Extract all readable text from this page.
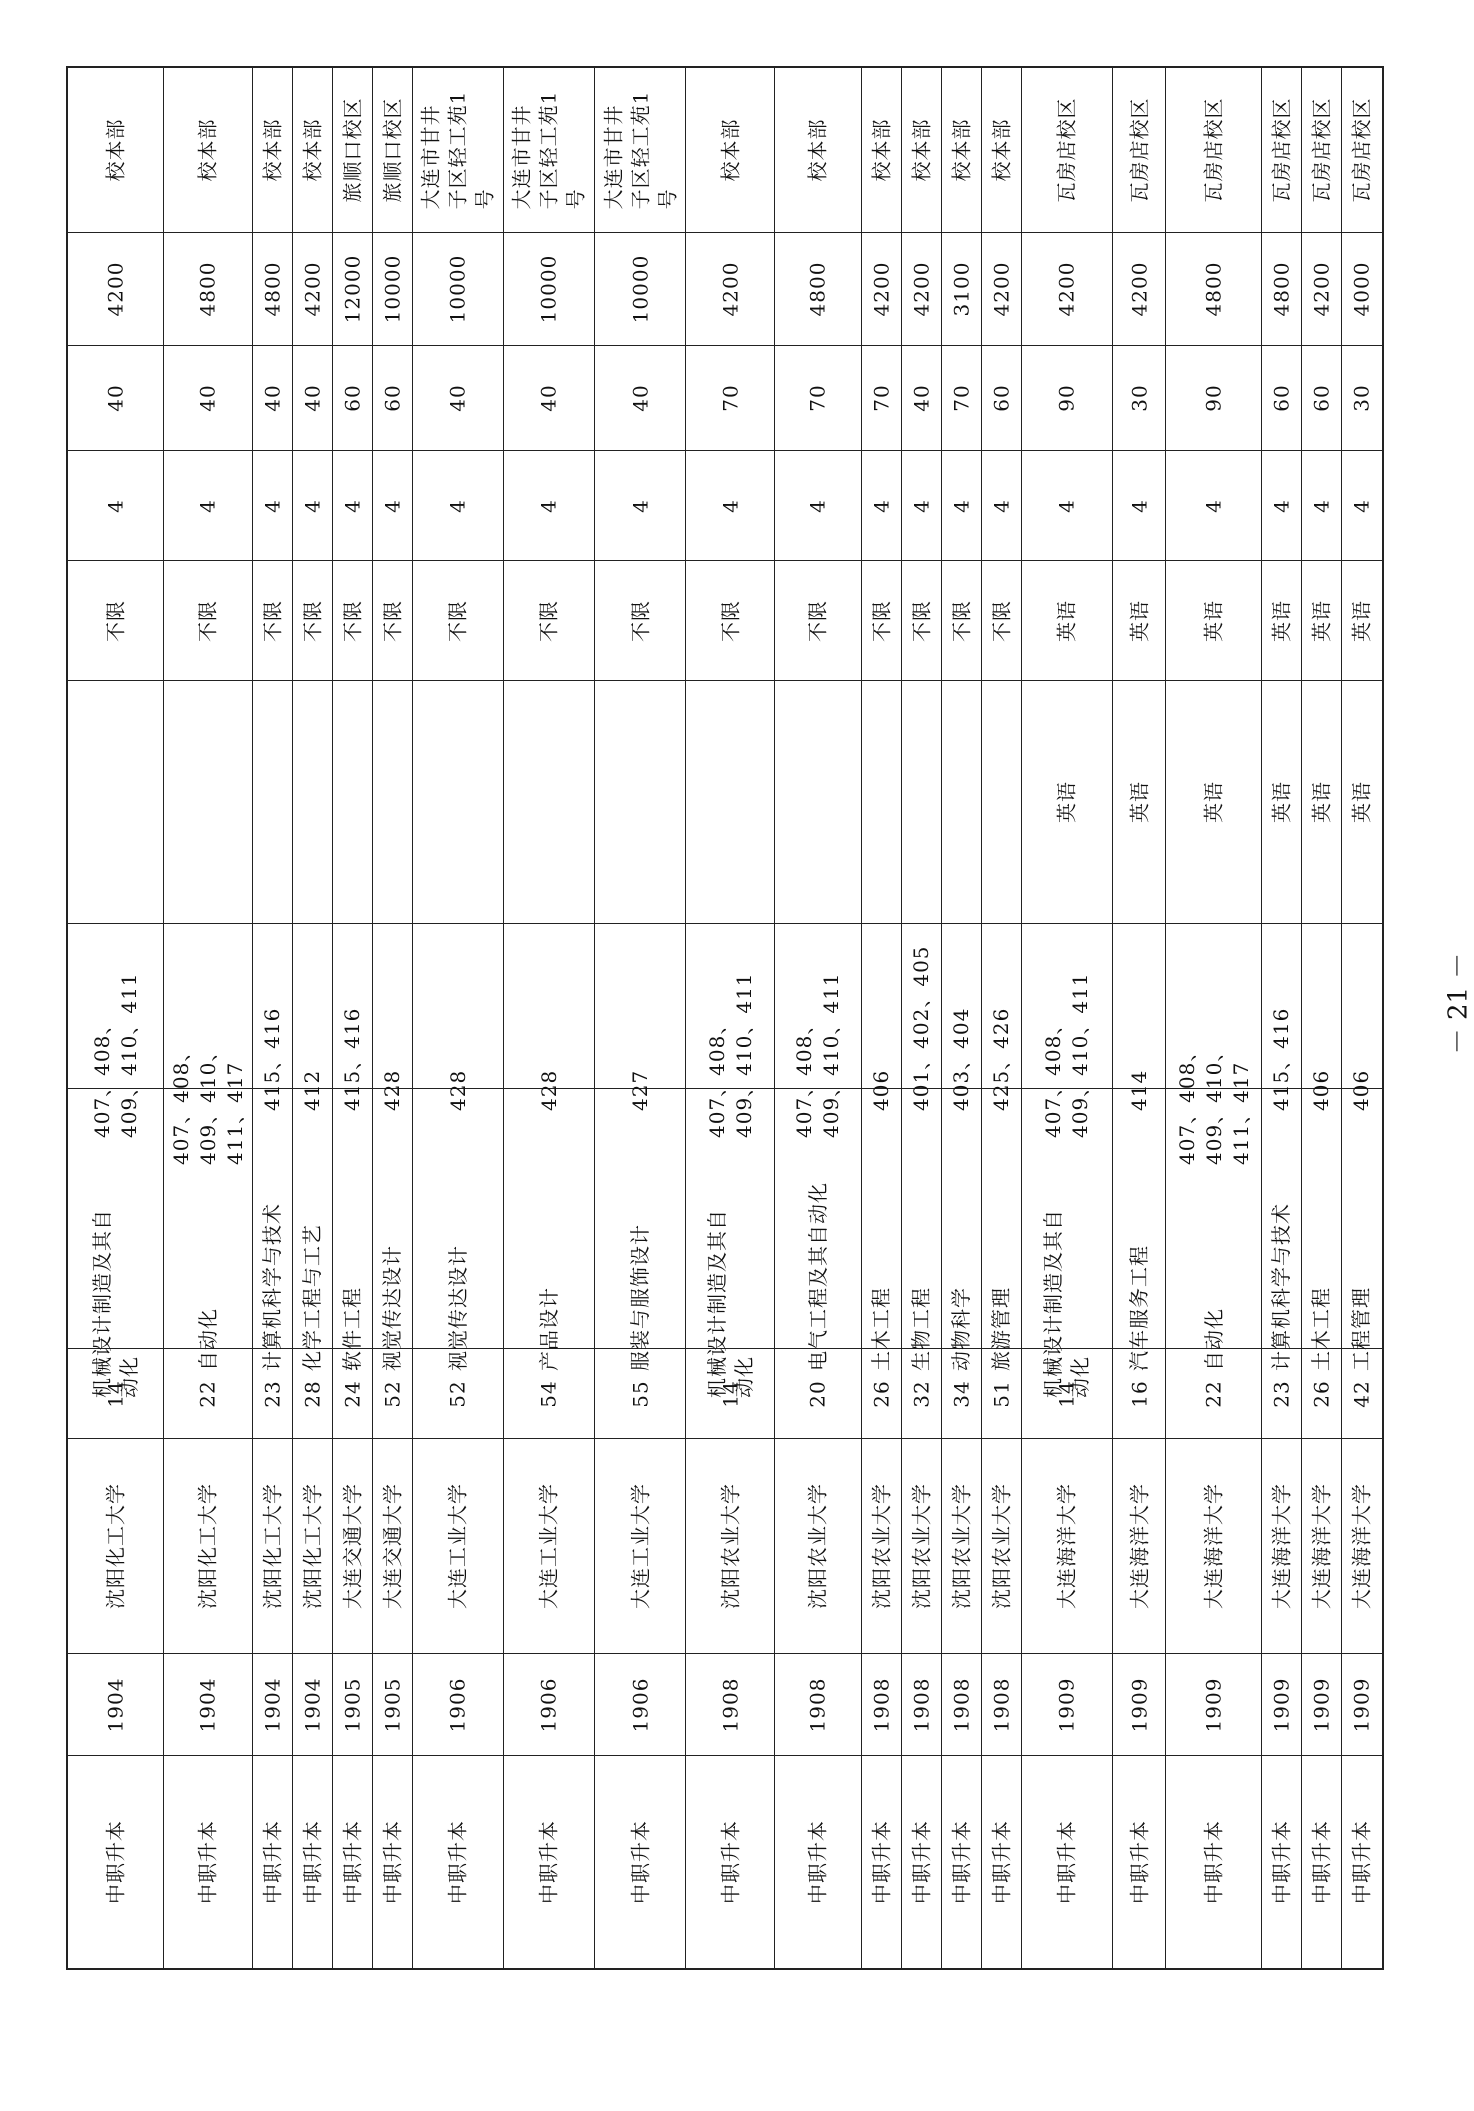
校本部
4200
40
4
不限
407、408、 409、410、411
机械设计制造及其自 动化
14
沈阳化工大学
1904
中职升本
校本部
4800
40
4
不限
407、408、 409、410、 411、417
自动化
22
沈阳化工大学
1904
中职升本
校本部
4800
40
4
不限
415、416
计算机科学与技术
23
沈阳化工大学
1904
中职升本
校本部
4200
40
4
不限
412
化学工程与工艺
28
沈阳化工大学
1904
中职升本
旅顺口校区
12000
60
4
不限
415、416
软件工程
24
大连交通大学
1905
中职升本
旅顺口校区
10000
60
4
不限
428
视觉传达设计
52
大连交通大学
1905
中职升本
大连市甘井 子区轻工苑1 号
10000
40
4
不限
428
视觉传达设计
52
大连工业大学
1906
中职升本
大连市甘井 子区轻工苑1 号
10000
40
4
不限
428
产品设计
54
大连工业大学
1906
中职升本
大连市甘井 子区轻工苑1 号
10000
40
4
不限
427
服装与服饰设计
55
大连工业大学
1906
中职升本
校本部
4200
70
4
不限
407、408、 409、410、411
机械设计制造及其自 动化
14
沈阳农业大学
1908
中职升本
校本部
4800
70
4
不限
407、408、 409、410、411
电气工程及其自动化
20
沈阳农业大学
1908
中职升本
校本部
4200
70
4
不限
406
土木工程
26
沈阳农业大学
1908
中职升本
校本部
4200
40
4
不限
401、402、405
生物工程
32
沈阳农业大学
1908
中职升本
校本部
3100
70
4
不限
403、404
动物科学
34
沈阳农业大学
1908
中职升本
校本部
4200
60
4
不限
425、426
旅游管理
51
沈阳农业大学
1908
中职升本
瓦房店校区
4200
90
4
英语
英语
407、408、 409、410、411
机械设计制造及其自 动化
14
大连海洋大学
1909
中职升本
瓦房店校区
4200
30
4
英语
英语
414
汽车服务工程
16
大连海洋大学
1909
中职升本
瓦房店校区
4800
90
4
英语
英语
407、408、 409、410、 411、417
自动化
22
大连海洋大学
1909
中职升本
瓦房店校区
4800
60
4
英语
英语
415、416
计算机科学与技术
23
大连海洋大学
1909
中职升本
瓦房店校区
4200
60
4
英语
英语
406
土木工程
26
大连海洋大学
1909
中职升本
瓦房店校区
4000
30
4
英语
英语
406
工程管理
42
大连海洋大学
1909
中职升本
－ 21 －
